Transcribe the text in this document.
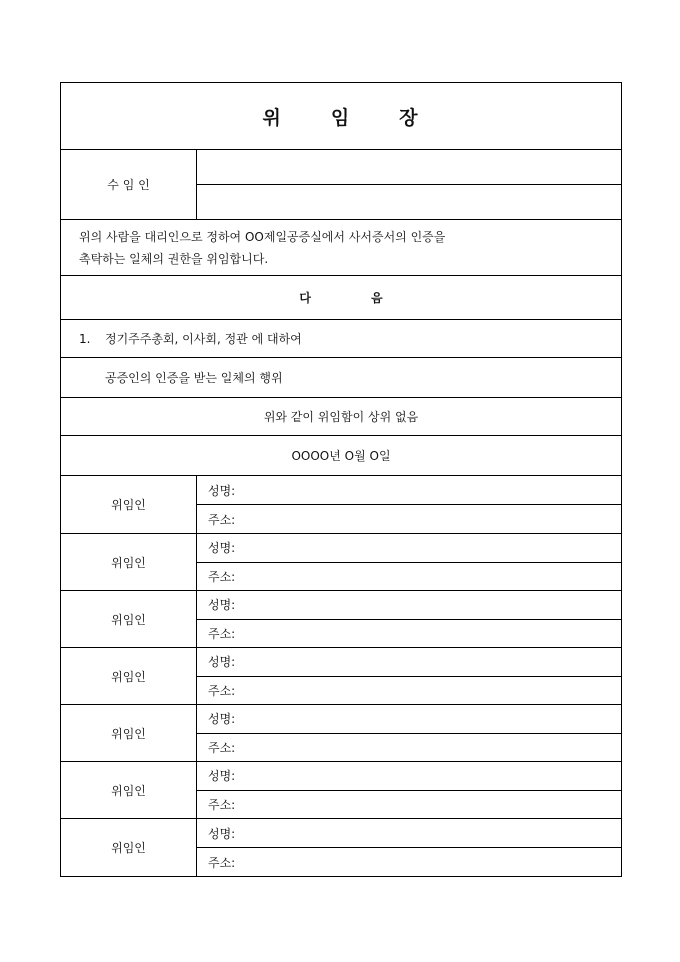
위	임	장
수 임 인
위의 사람을 대리인으로 정하여 OO제일공증실에서 사서증서의 인증을
촉탁하는 일체의 권한을 위임합니다.
다	음
1.	정기주주총회, 이사회, 정관 에 대하여
공증인의 인증을 받는 일체의 행위
위와 같이 위임함이 상위 없음
OOOO년 O월 O일
위임인
성명:
주소:
위임인
성명:
주소:
위임인
성명:
주소:
위임인
성명:
주소:
위임인
성명:
주소:
위임인
성명:
주소:
위임인
성명:
주소:
